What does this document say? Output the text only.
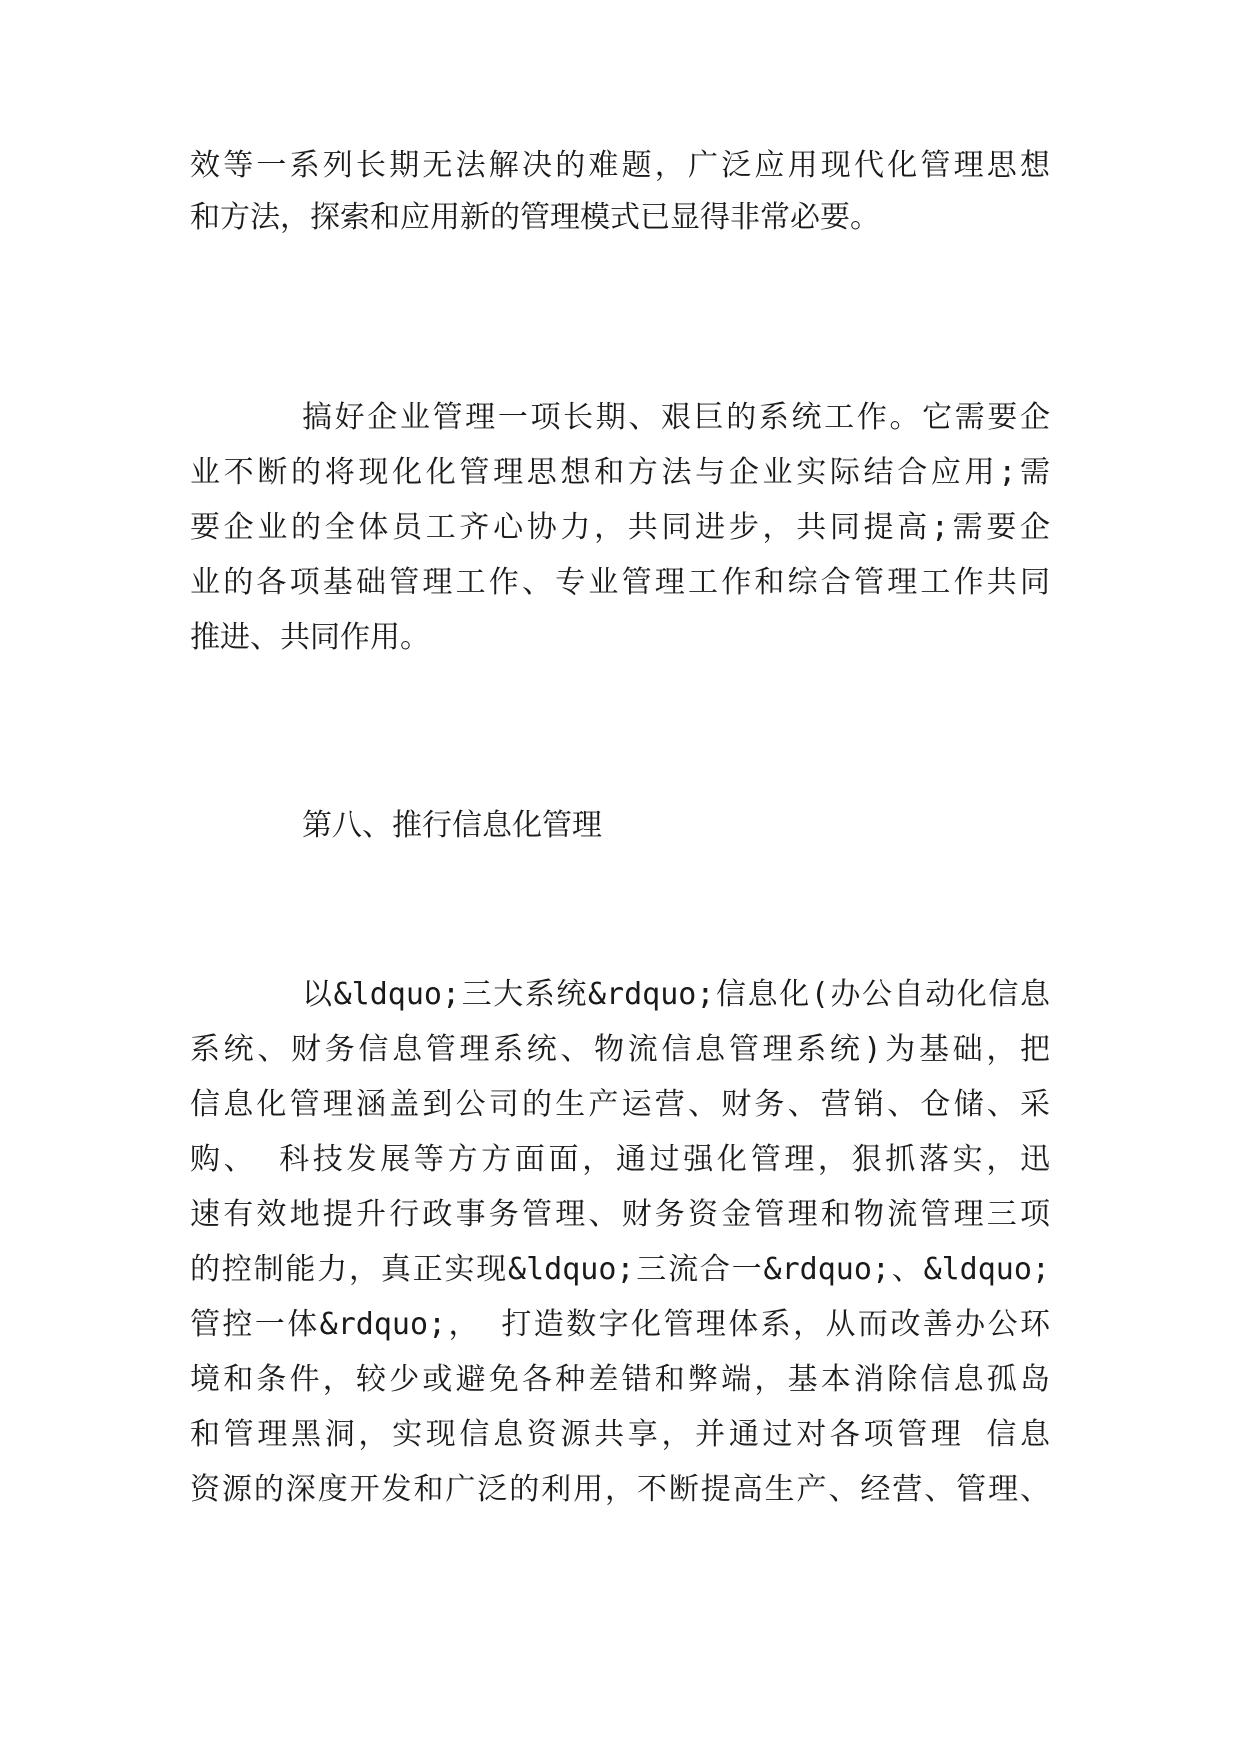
效等一系列长期无法解决的难题，广泛应用现代化管理思想
和方法，探索和应用新的管理模式已显得非常必要。
搞好企业管理一项长期、艰巨的系统工作。它需要企
业不断的将现化化管理思想和方法与企业实际结合应用;需
要企业的全体员工齐心协力，共同进步，共同提高;需要企
业的各项基础管理工作、专业管理工作和综合管理工作共同
推进、共同作用。
第八、推行信息化管理
以&ldquo;三大系统&rdquo;信息化(办公自动化信息
系统、财务信息管理系统、物流信息管理系统)为基础，把
信息化管理涵盖到公司的生产运营、财务、营销、仓储、采
购、 科技发展等方方面面，通过强化管理，狠抓落实，迅
速有效地提升行政事务管理、财务资金管理和物流管理三项
的控制能力，真正实现&ldquo;三流合一&rdquo;、&ldquo;
管控一体&rdquo;， 打造数字化管理体系，从而改善办公环
境和条件，较少或避免各种差错和弊端，基本消除信息孤岛
和管理黑洞，实现信息资源共享，并通过对各项管理 信息
资源的深度开发和广泛的利用，不断提高生产、经营、管理、
